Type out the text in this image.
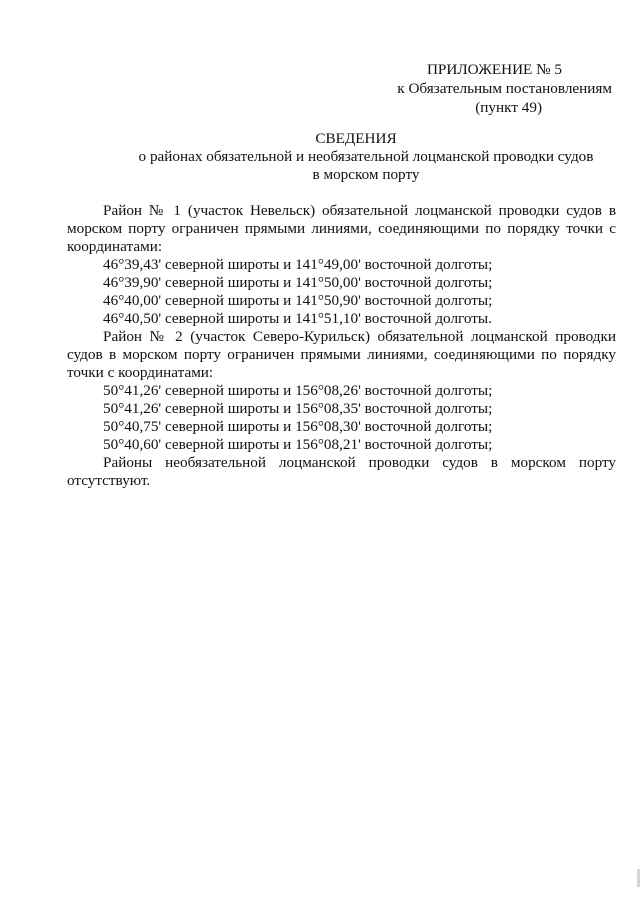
ПРИЛОЖЕНИЕ № 5
к Обязательным постановлениям
(пункт 49)
СВЕДЕНИЯ
о районах обязательной и необязательной лоцманской проводки судов
в морском порту

Район № 1 (участок Невельск) обязательной лоцманской проводки судов в морском порту ограничен прямыми линиями, соединяющими по порядку точки с координатами:

46°39,43' северной широты и 141°49,00' восточной долготы;
46°39,90' северной широты и 141°50,00' восточной долготы;
46°40,00' северной широты и 141°50,90' восточной долготы;
46°40,50' северной широты и 141°51,10' восточной долготы.

Район № 2 (участок Северо-Курильск) обязательной лоцманской проводки судов в морском порту ограничен прямыми линиями, соединяющими по порядку точки с координатами:

50°41,26' северной широты и 156°08,26' восточной долготы;
50°41,26' северной широты и 156°08,35' восточной долготы;
50°40,75' северной широты и 156°08,30' восточной долготы;
50°40,60' северной широты и 156°08,21' восточной долготы;

Районы необязательной лоцманской проводки судов в морском порту отсутствуют.
